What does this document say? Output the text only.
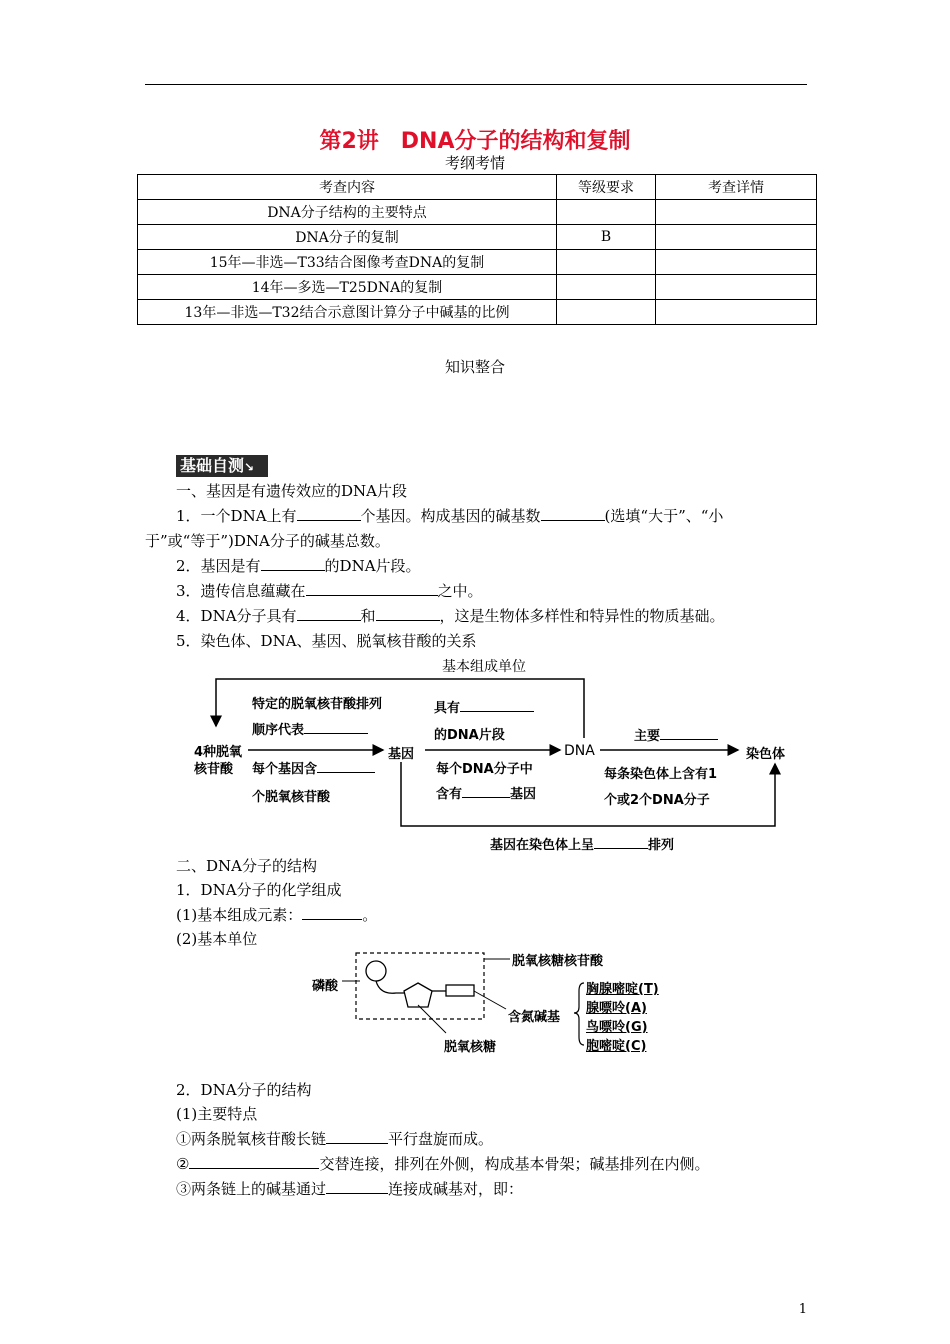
第2讲　DNA分子的结构和复制
考纲考情
考查内容	等级要求	考查详情
DNA分子结构的主要特点		
DNA分子的复制	B	
15年—非选—T33结合图像考查DNA的复制		
14年—多选—T25DNA的复制		
13年—非选—T32结合示意图计算分子中碱基的比例		
知识整合
基础自测↘
一、基因是有遗传效应的DNA片段
1．一个DNA上有	个基因。构成基因的碱基数	(选填“大于”、“小
于”或“等于”)DNA分子的碱基总数。
2．基因是有	的DNA片段。
3．遗传信息蕴藏在	之中。
4．DNA分子具有	和	，这是生物体多样性和特异性的物质基础。
5．染色体、DNA、基因、脱氧核苷酸的关系
基本组成单位
4种脱氧
核苷酸
特定的脱氧核苷酸排列
顺序代表
每个基因含
个脱氧核苷酸
基因
具有
的DNA片段
每个DNA分子中
含有	基因
DNA
主要
每条染色体上含有1
个或2个DNA分子
染色体
基因在染色体上呈	排列
二、DNA分子的结构
1．DNA分子的化学组成
(1)基本组成元素：	。
(2)基本单位
磷酸
脱氧核糖核苷酸
含氮碱基
脱氧核糖
胸腺嘧啶(T)
腺嘌呤(A)
鸟嘌呤(G)
胞嘧啶(C)
2．DNA分子的结构
(1)主要特点
①两条脱氧核苷酸长链	平行盘旋而成。
②	交替连接，排列在外侧，构成基本骨架；碱基排列在内侧。
③两条链上的碱基通过	连接成碱基对，即：
1
